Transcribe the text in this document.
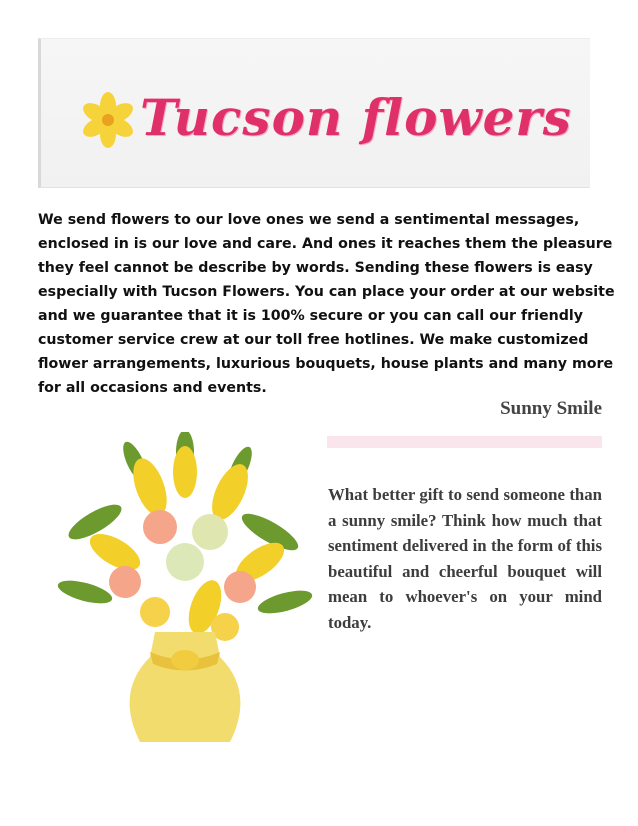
Tucson flowers

We send flowers to our love ones we send a sentimental messages,
enclosed in is our love and care. And ones it reaches them the pleasure
they feel cannot be describe by words. Sending these flowers is easy
especially with Tucson Flowers. You can place your order at our website
and we guarantee that it is 100% secure or you can call our friendly
customer service crew at our toll free hotlines. We make customized
flower arrangements, luxurious bouquets, house plants and many more
for all occasions and events.

Sunny Smile

What better gift to send someone than a sunny smile? Think how much that sentiment delivered in the form of this beautiful and cheerful bouquet will mean to whoever's on your mind today.
